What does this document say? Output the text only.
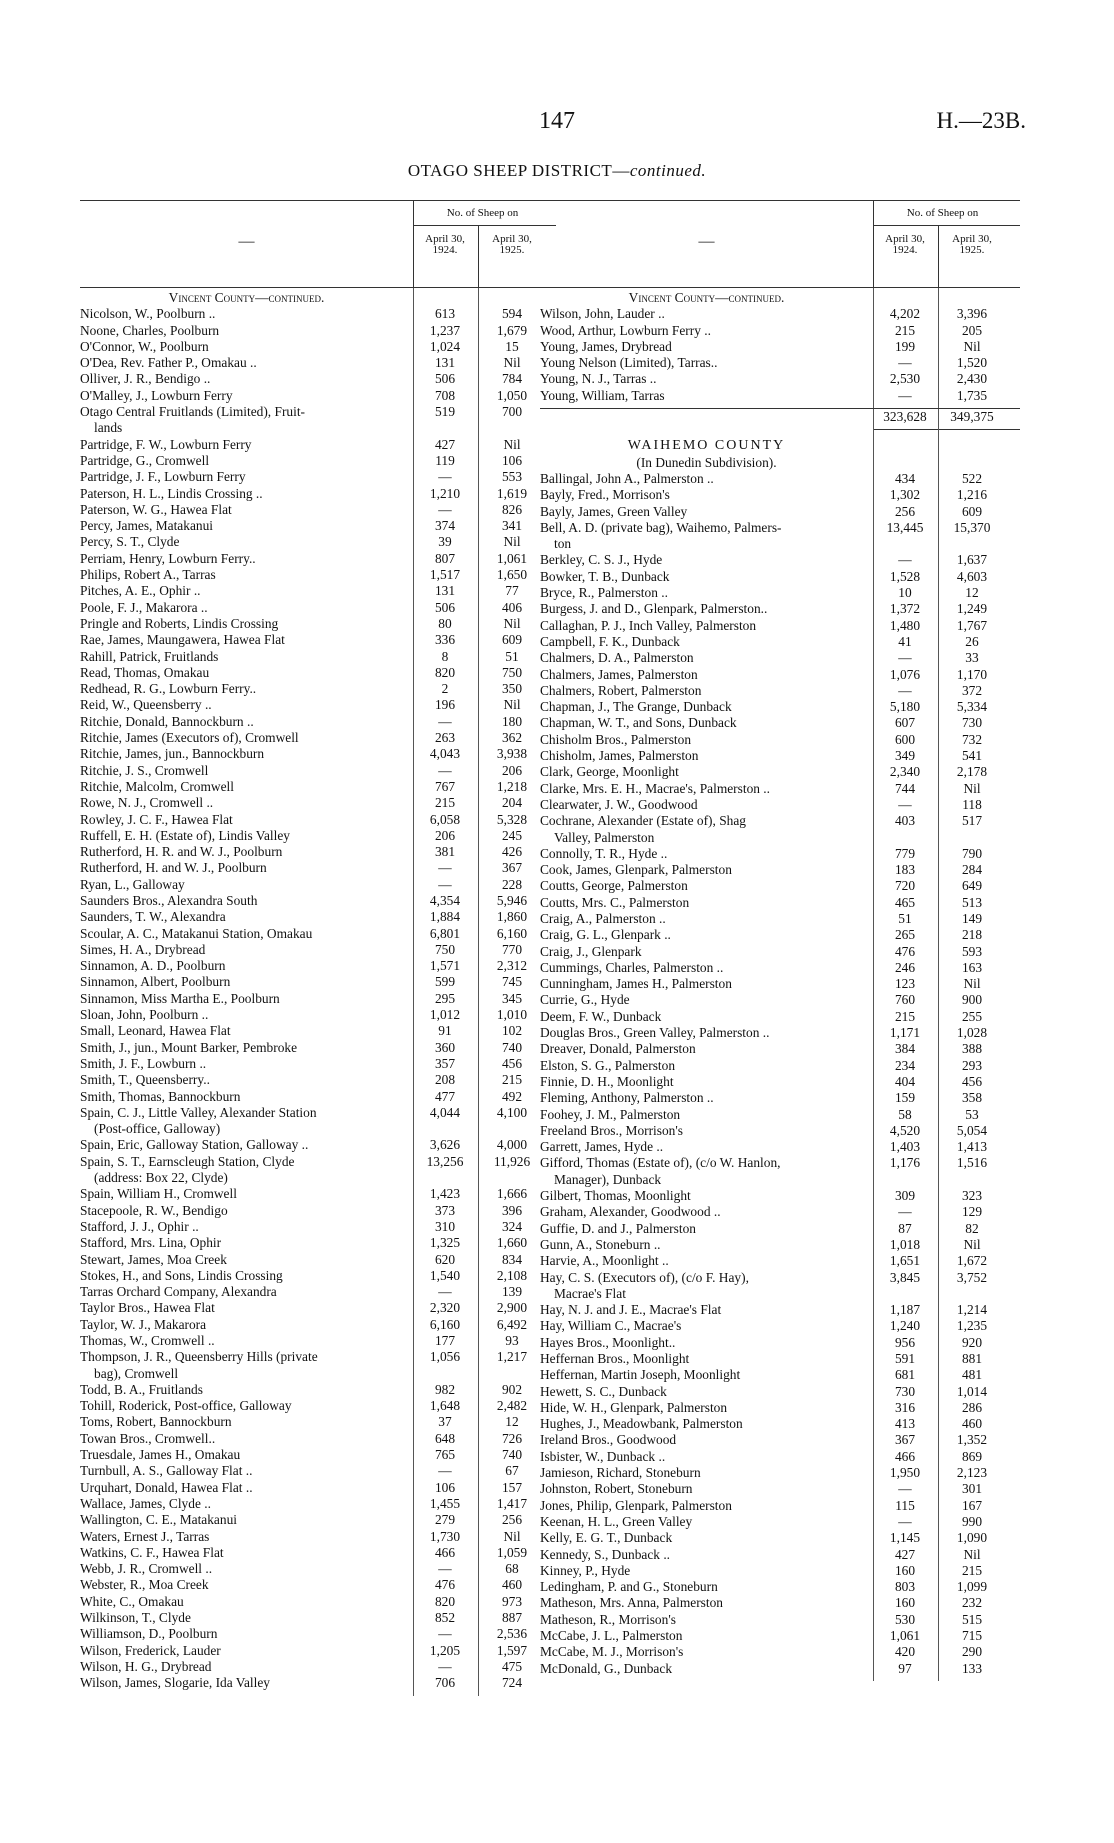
147	H.—23B.
OTAGO SHEEP DISTRICT—continued.
—
No. of Sheep on
April 30, 1924.
April 30, 1925.
Vincent County—continued.
Nicolson, W., Poolburn ..	613	594
Noone, Charles, Poolburn	1,237	1,679
O'Connor, W., Poolburn	1,024	15
O'Dea, Rev. Father P., Omakau ..	131	Nil
Olliver, J. R., Bendigo ..	506	784
O'Malley, J., Lowburn Ferry	708	1,050
Otago Central Fruitlands (Limited), Fruit-	519	700
lands
Partridge, F. W., Lowburn Ferry	427	Nil
Partridge, G., Cromwell	119	106
Partridge, J. F., Lowburn Ferry	—	553
Paterson, H. L., Lindis Crossing ..	1,210	1,619
Paterson, W. G., Hawea Flat	—	826
Percy, James, Matakanui	374	341
Percy, S. T., Clyde	39	Nil
Perriam, Henry, Lowburn Ferry..	807	1,061
Philips, Robert A., Tarras	1,517	1,650
Pitches, A. E., Ophir ..	131	77
Poole, F. J., Makarora ..	506	406
Pringle and Roberts, Lindis Crossing	80	Nil
Rae, James, Maungawera, Hawea Flat	336	609
Rahill, Patrick, Fruitlands	8	51
Read, Thomas, Omakau	820	750
Redhead, R. G., Lowburn Ferry..	2	350
Reid, W., Queensberry ..	196	Nil
Ritchie, Donald, Bannockburn ..	—	180
Ritchie, James (Executors of), Cromwell	263	362
Ritchie, James, jun., Bannockburn	4,043	3,938
Ritchie, J. S., Cromwell	—	206
Ritchie, Malcolm, Cromwell	767	1,218
Rowe, N. J., Cromwell ..	215	204
Rowley, J. C. F., Hawea Flat	6,058	5,328
Ruffell, E. H. (Estate of), Lindis Valley	206	245
Rutherford, H. R. and W. J., Poolburn	381	426
Rutherford, H. and W. J., Poolburn	—	367
Ryan, L., Galloway	—	228
Saunders Bros., Alexandra South	4,354	5,946
Saunders, T. W., Alexandra	1,884	1,860
Scoular, A. C., Matakanui Station, Omakau	6,801	6,160
Simes, H. A., Drybread	750	770
Sinnamon, A. D., Poolburn	1,571	2,312
Sinnamon, Albert, Poolburn	599	745
Sinnamon, Miss Martha E., Poolburn	295	345
Sloan, John, Poolburn ..	1,012	1,010
Small, Leonard, Hawea Flat	91	102
Smith, J., jun., Mount Barker, Pembroke	360	740
Smith, J. F., Lowburn ..	357	456
Smith, T., Queensberry..	208	215
Smith, Thomas, Bannockburn	477	492
Spain, C. J., Little Valley, Alexander Station	4,044	4,100
(Post-office, Galloway)
Spain, Eric, Galloway Station, Galloway ..	3,626	4,000
Spain, S. T., Earnscleugh Station, Clyde	13,256	11,926
(address: Box 22, Clyde)
Spain, William H., Cromwell	1,423	1,666
Stacepoole, R. W., Bendigo	373	396
Stafford, J. J., Ophir ..	310	324
Stafford, Mrs. Lina, Ophir	1,325	1,660
Stewart, James, Moa Creek	620	834
Stokes, H., and Sons, Lindis Crossing	1,540	2,108
Tarras Orchard Company, Alexandra	—	139
Taylor Bros., Hawea Flat	2,320	2,900
Taylor, W. J., Makarora	6,160	6,492
Thomas, W., Cromwell ..	177	93
Thompson, J. R., Queensberry Hills (private	1,056	1,217
bag), Cromwell
Todd, B. A., Fruitlands	982	902
Tohill, Roderick, Post-office, Galloway	1,648	2,482
Toms, Robert, Bannockburn	37	12
Towan Bros., Cromwell..	648	726
Truesdale, James H., Omakau	765	740
Turnbull, A. S., Galloway Flat ..	—	67
Urquhart, Donald, Hawea Flat ..	106	157
Wallace, James, Clyde ..	1,455	1,417
Wallington, C. E., Matakanui	279	256
Waters, Ernest J., Tarras	1,730	Nil
Watkins, C. F., Hawea Flat	466	1,059
Webb, J. R., Cromwell ..	—	68
Webster, R., Moa Creek	476	460
White, C., Omakau	820	973
Wilkinson, T., Clyde	852	887
Williamson, D., Poolburn	—	2,536
Wilson, Frederick, Lauder	1,205	1,597
Wilson, H. G., Drybread	—	475
Wilson, James, Slogarie, Ida Valley	706	724
—
No. of Sheep on
April 30, 1924.
April 30, 1925.
Vincent County—continued.
Wilson, John, Lauder ..	4,202	3,396
Wood, Arthur, Lowburn Ferry ..	215	205
Young, James, Drybread	199	Nil
Young Nelson (Limited), Tarras..	—	1,520
Young, N. J., Tarras ..	2,530	2,430
Young, William, Tarras	—	1,735
323,628	349,375
WAIHEMO COUNTY
(In Dunedin Subdivision).
Ballingal, John A., Palmerston ..	434	522
Bayly, Fred., Morrison's	1,302	1,216
Bayly, James, Green Valley	256	609
Bell, A. D. (private bag), Waihemo, Palmers-	13,445	15,370
ton
Berkley, C. S. J., Hyde	—	1,637
Bowker, T. B., Dunback	1,528	4,603
Bryce, R., Palmerston ..	10	12
Burgess, J. and D., Glenpark, Palmerston..	1,372	1,249
Callaghan, P. J., Inch Valley, Palmerston	1,480	1,767
Campbell, F. K., Dunback	41	26
Chalmers, D. A., Palmerston	—	33
Chalmers, James, Palmerston	1,076	1,170
Chalmers, Robert, Palmerston	—	372
Chapman, J., The Grange, Dunback	5,180	5,334
Chapman, W. T., and Sons, Dunback	607	730
Chisholm Bros., Palmerston	600	732
Chisholm, James, Palmerston	349	541
Clark, George, Moonlight	2,340	2,178
Clarke, Mrs. E. H., Macrae's, Palmerston ..	744	Nil
Clearwater, J. W., Goodwood	—	118
Cochrane, Alexander (Estate of), Shag	403	517
Valley, Palmerston
Connolly, T. R., Hyde ..	779	790
Cook, James, Glenpark, Palmerston	183	284
Coutts, George, Palmerston	720	649
Coutts, Mrs. C., Palmerston	465	513
Craig, A., Palmerston ..	51	149
Craig, G. L., Glenpark ..	265	218
Craig, J., Glenpark	476	593
Cummings, Charles, Palmerston ..	246	163
Cunningham, James H., Palmerston	123	Nil
Currie, G., Hyde	760	900
Deem, F. W., Dunback	215	255
Douglas Bros., Green Valley, Palmerston ..	1,171	1,028
Dreaver, Donald, Palmerston	384	388
Elston, S. G., Palmerston	234	293
Finnie, D. H., Moonlight	404	456
Fleming, Anthony, Palmerston ..	159	358
Foohey, J. M., Palmerston	58	53
Freeland Bros., Morrison's	4,520	5,054
Garrett, James, Hyde ..	1,403	1,413
Gifford, Thomas (Estate of), (c/o W. Hanlon,	1,176	1,516
Manager), Dunback
Gilbert, Thomas, Moonlight	309	323
Graham, Alexander, Goodwood ..	—	129
Guffie, D. and J., Palmerston	87	82
Gunn, A., Stoneburn ..	1,018	Nil
Harvie, A., Moonlight ..	1,651	1,672
Hay, C. S. (Executors of), (c/o F. Hay),	3,845	3,752
Macrae's Flat
Hay, N. J. and J. E., Macrae's Flat	1,187	1,214
Hay, William C., Macrae's	1,240	1,235
Hayes Bros., Moonlight..	956	920
Heffernan Bros., Moonlight	591	881
Heffernan, Martin Joseph, Moonlight	681	481
Hewett, S. C., Dunback	730	1,014
Hide, W. H., Glenpark, Palmerston	316	286
Hughes, J., Meadowbank, Palmerston	413	460
Ireland Bros., Goodwood	367	1,352
Isbister, W., Dunback ..	466	869
Jamieson, Richard, Stoneburn	1,950	2,123
Johnston, Robert, Stoneburn	—	301
Jones, Philip, Glenpark, Palmerston	115	167
Keenan, H. L., Green Valley	—	990
Kelly, E. G. T., Dunback	1,145	1,090
Kennedy, S., Dunback ..	427	Nil
Kinney, P., Hyde	160	215
Ledingham, P. and G., Stoneburn	803	1,099
Matheson, Mrs. Anna, Palmerston	160	232
Matheson, R., Morrison's	530	515
McCabe, J. L., Palmerston	1,061	715
McCabe, M. J., Morrison's	420	290
McDonald, G., Dunback	97	133
